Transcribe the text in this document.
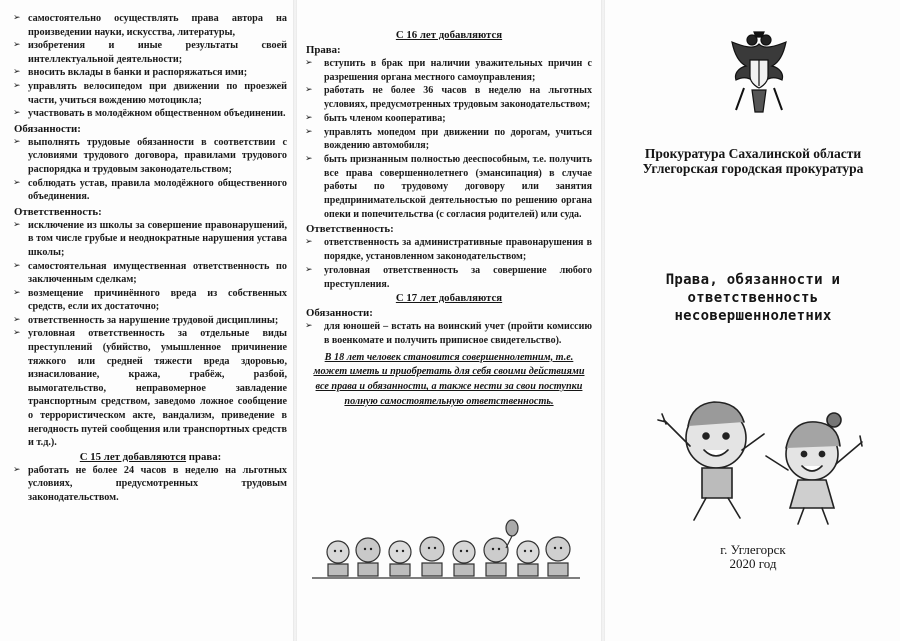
➢ самостоятельно осуществлять права автора на произведении науки, искусства, литературы,
➢ изобретения и иные результаты своей интеллектуальной деятельности;
➢ вносить вклады в банки и распоряжаться ими;
➢ управлять велосипедом при движении по проезжей части, учиться вождению мотоцикла;
➢ участвовать в молодёжном общественном объединении.
Обязанности:
➢ выполнять трудовые обязанности в соответствии с условиями трудового договора, правилами трудового распорядка и трудовым законодательством;
➢ соблюдать устав, правила молодёжного общественного объединения.
Ответственность:
➢ исключение из школы за совершение правонарушений, в том числе грубые и неоднократные нарушения устава школы;
➢ самостоятельная имущественная ответственность по заключенным сделкам;
➢ возмещение причинённого вреда из собственных средств, если их достаточно;
➢ ответственность за нарушение трудовой дисциплины;
➢ уголовная ответственность за отдельные виды преступлений (убийство, умышленное причинение тяжкого или средней тяжести вреда здоровью, изнасилование, кража, грабёж, разбой, вымогательство, неправомерное завладение транспортным средством, заведомо ложное сообщение о террористическом акте, вандализм, приведение в негодность путей сообщения или транспортных средств и т.д.).
С 15 лет добавляются права:
➢ работать не более 24 часов в неделю на льготных условиях, предусмотренных трудовым законодательством.
С 16 лет добавляются
Права:
➢ вступить в брак при наличии уважительных причин с разрешения органа местного самоуправления;
➢ работать не более 36 часов в неделю на льготных условиях, предусмотренных трудовым законодательством;
➢ быть членом кооператива;
➢ управлять мопедом при движении по дорогам, учиться вождению автомобиля;
➢ быть признанным полностью дееспособным, т.е. получить все права совершеннолетнего (эмансипация) в случае работы по трудовому договору или занятия предпринимательской деятельностью по решению органа опеки и попечительства (с согласия родителей) или суда.
Ответственность:
➢ ответственность за административные правонарушения в порядке, установленном законодательством;
➢ уголовная ответственность за совершение любого преступления.
С 17 лет добавляются
Обязанности:
➢ для юношей – встать на воинский учет (пройти комиссию в военкомате и получить приписное свидетельство).
В 18 лет человек становится совершеннолетним, т.е. может иметь и приобретать для себя своими действиями все права и обязанности, а также нести за свои поступки полную самостоятельную ответственность.
Прокуратура Сахалинской области
Углегорская городская прокуратура
Права, обязанности и
ответственность
несовершеннолетних
г. Углегорск
2020 год
